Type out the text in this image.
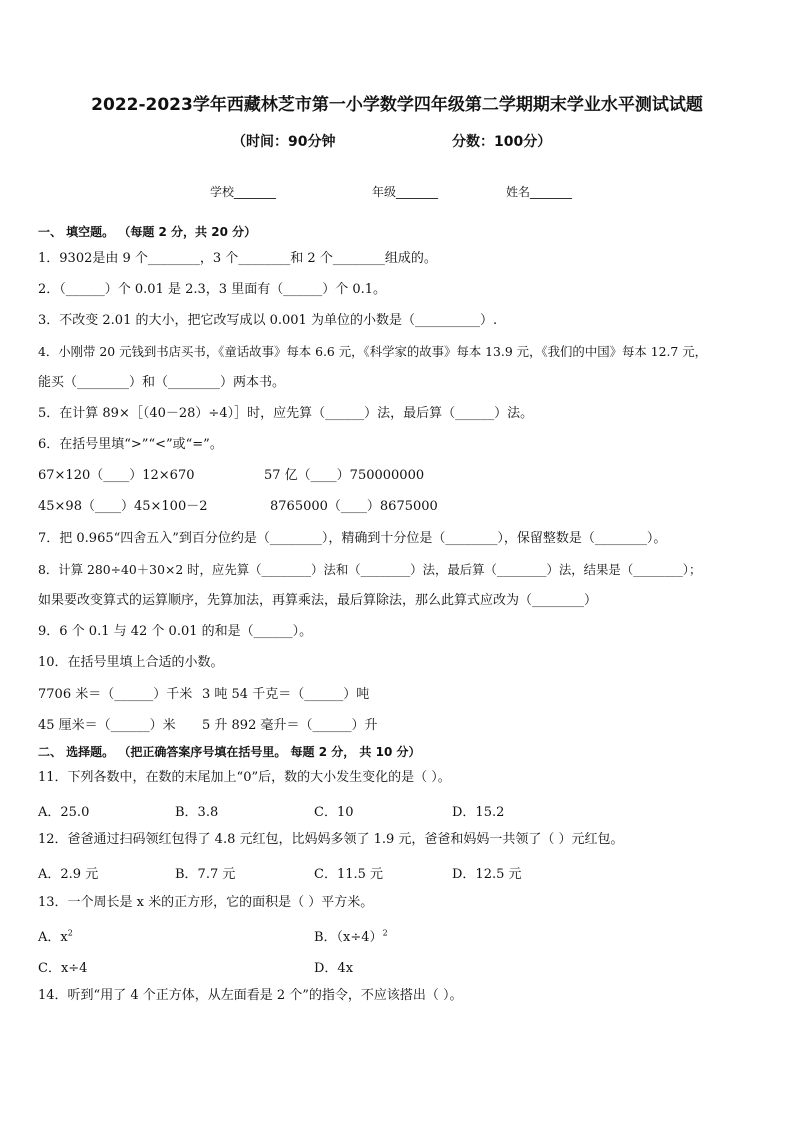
2022-2023学年西藏林芝市第一小学数学四年级第二学期期末学业水平测试试题
（时间：90分钟	分数：100分）
学校_______	年级_______	姓名_______
一、 填空题。 （每题 2 分，共 20 分）
1．9302是由 9 个________，3 个________和 2 个________组成的。
2．（______）个 0.01 是 2.3，3 里面有（______）个 0.1。
3．不改变 2.01 的大小，把它改写成以 0.001 为单位的小数是（__________）.
4．小刚带 20 元钱到书店买书，《童话故事》每本 6.6 元，《科学家的故事》每本 13.9 元，《我们的中国》每本 12.7 元，
能买（________）和（________）两本书。
5．在计算 89×［（40－28）÷4）］时，应先算（______）法，最后算（______）法。
6．在括号里填“>”“<”或“=”。
67×120（____）12×670	57 亿（____）750000000
45×98（____）45×100－2	8765000（____）8675000
7．把 0.965“四舍五入”到百分位约是（________），精确到十分位是（________），保留整数是（________）。
8．计算 280÷40＋30×2 时，应先算（________）法和（________）法，最后算（________）法，结果是（________）；
如果要改变算式的运算顺序，先算加法，再算乘法，最后算除法，那么此算式应改为（________）
9．6 个 0.1 与 42 个 0.01 的和是（______）。
10．在括号里填上合适的小数。
7706 米＝（______）千米 3 吨 54 千克＝（______）吨
45 厘米＝（______）米 5 升 892 毫升＝（______）升
二、 选择题。 （把正确答案序号填在括号里。 每题 2 分， 共 10 分）
11．下列各数中，在数的末尾加上“0”后，数的大小发生变化的是（ ）。
A．25.0	B．3.8	C．10	D．15.2
12．爸爸通过扫码领红包得了 4.8 元红包，比妈妈多领了 1.9 元，爸爸和妈妈一共领了（ ）元红包。
A．2.9 元	B．7.7 元	C．11.5 元	D．12.5 元
13．一个周长是 x 米的正方形，它的面积是（ ）平方米。
A．$x^2$	B．$(x\div 4)^2$
C．x÷4	D．4x
14．听到“用了 4 个正方体，从左面看是 2 个”的指令，不应该搭出（ ）。
